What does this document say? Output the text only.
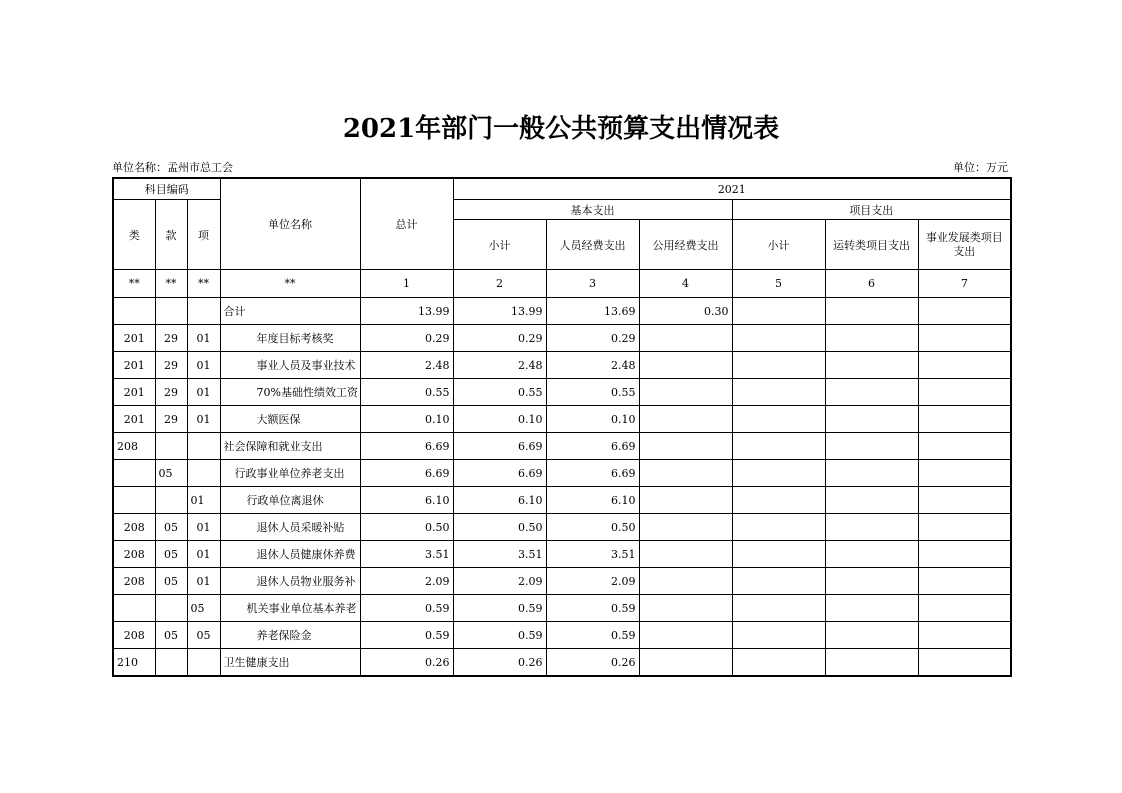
2021年部门一般公共预算支出情况表
单位名称：孟州市总工会	单位：万元
科目编码			单位名称	总计	2021					
类	款	项			基本支出			项目支出		
					小计	人员经费支出	公用经费支出	小计	运转类项目支出	事业发展类项目支出
**	**	**	**	1	2	3	4	5	6	7
			合计	13.99	13.99	13.69	0.30			
201	29	01	年度目标考核奖	0.29	0.29	0.29				
201	29	01	事业人员及事业技术	2.48	2.48	2.48				
201	29	01	70%基础性绩效工资	0.55	0.55	0.55				
201	29	01	大额医保	0.10	0.10	0.10				
208			社会保障和就业支出	6.69	6.69	6.69				
	05		行政事业单位养老支出	6.69	6.69	6.69				
		01	行政单位离退休	6.10	6.10	6.10				
208	05	01	退休人员采暖补贴	0.50	0.50	0.50				
208	05	01	退休人员健康休养费	3.51	3.51	3.51				
208	05	01	退休人员物业服务补	2.09	2.09	2.09				
		05	机关事业单位基本养老	0.59	0.59	0.59				
208	05	05	养老保险金	0.59	0.59	0.59				
210			卫生健康支出	0.26	0.26	0.26				
